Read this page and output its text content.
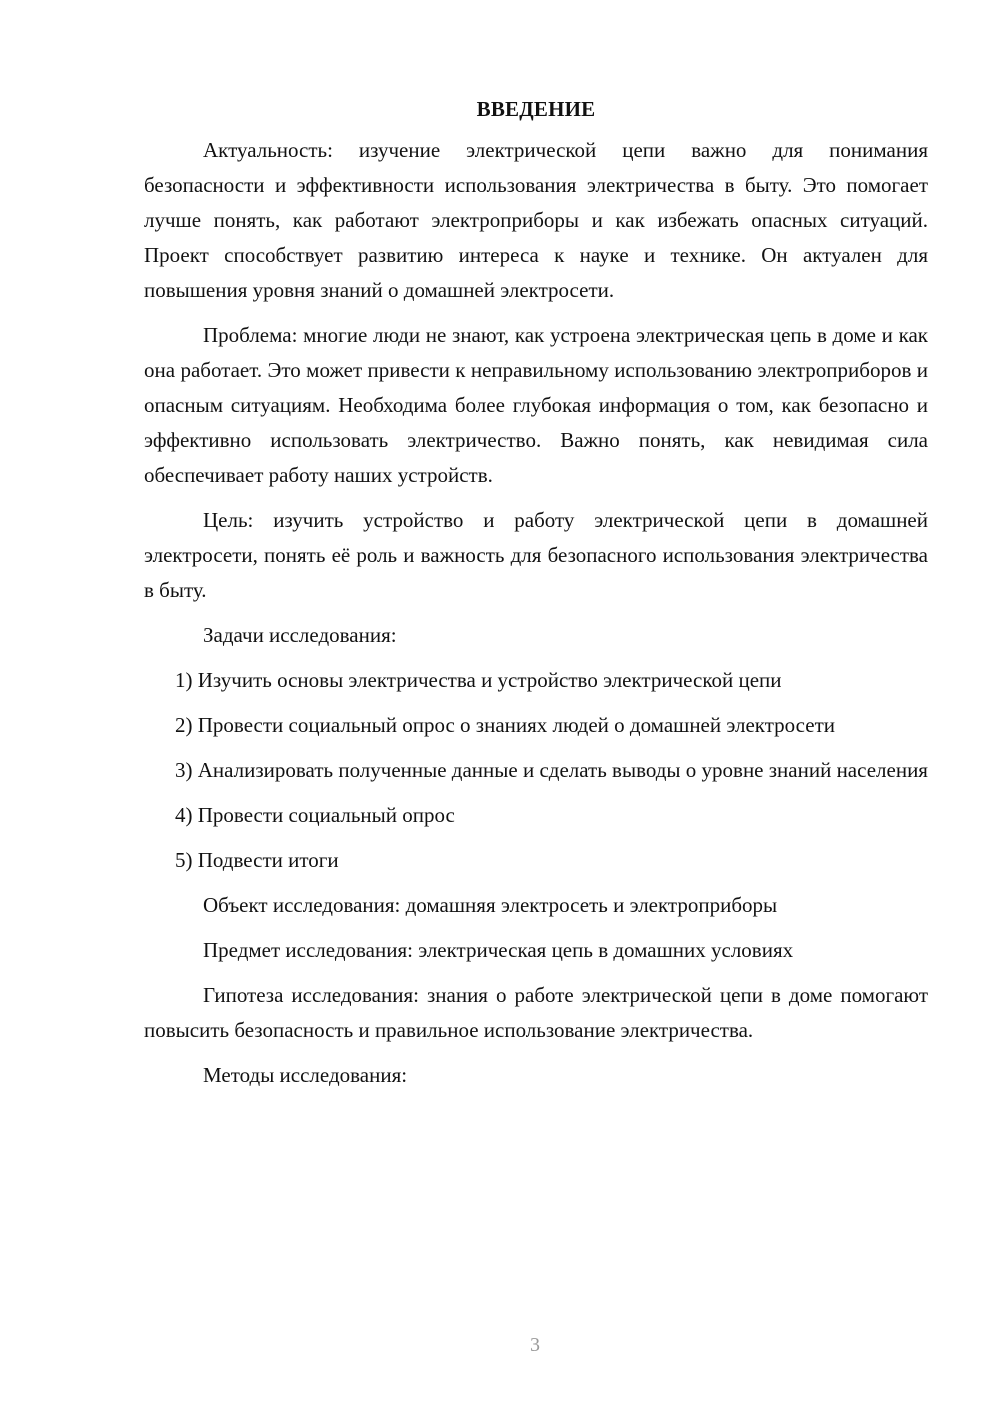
ВВЕДЕНИЕ
Актуальность: изучение электрической цепи важно для понимания безопасности и эффективности использования электричества в быту. Это помогает лучше понять, как работают электроприборы и как избежать опасных ситуаций. Проект способствует развитию интереса к науке и технике. Он актуален для повышения уровня знаний о домашней электросети.
Проблема: многие люди не знают, как устроена электрическая цепь в доме и как она работает. Это может привести к неправильному использованию электроприборов и опасным ситуациям. Необходима более глубокая информация о том, как безопасно и эффективно использовать электричество. Важно понять, как невидимая сила обеспечивает работу наших устройств.
Цель: изучить устройство и работу электрической цепи в домашней электросети, понять её роль и важность для безопасного использования электричества в быту.
Задачи исследования:
1) Изучить основы электричества и устройство электрической цепи
2) Провести социальный опрос о знаниях людей о домашней электросети
3) Анализировать полученные данные и сделать выводы о уровне знаний населения
4) Провести социальный опрос
5) Подвести итоги
Объект исследования: домашняя электросеть и электроприборы
Предмет исследования: электрическая цепь в домашних условиях
Гипотеза исследования: знания о работе электрической цепи в доме помогают повысить безопасность и правильное использование электричества.
Методы исследования:
3
